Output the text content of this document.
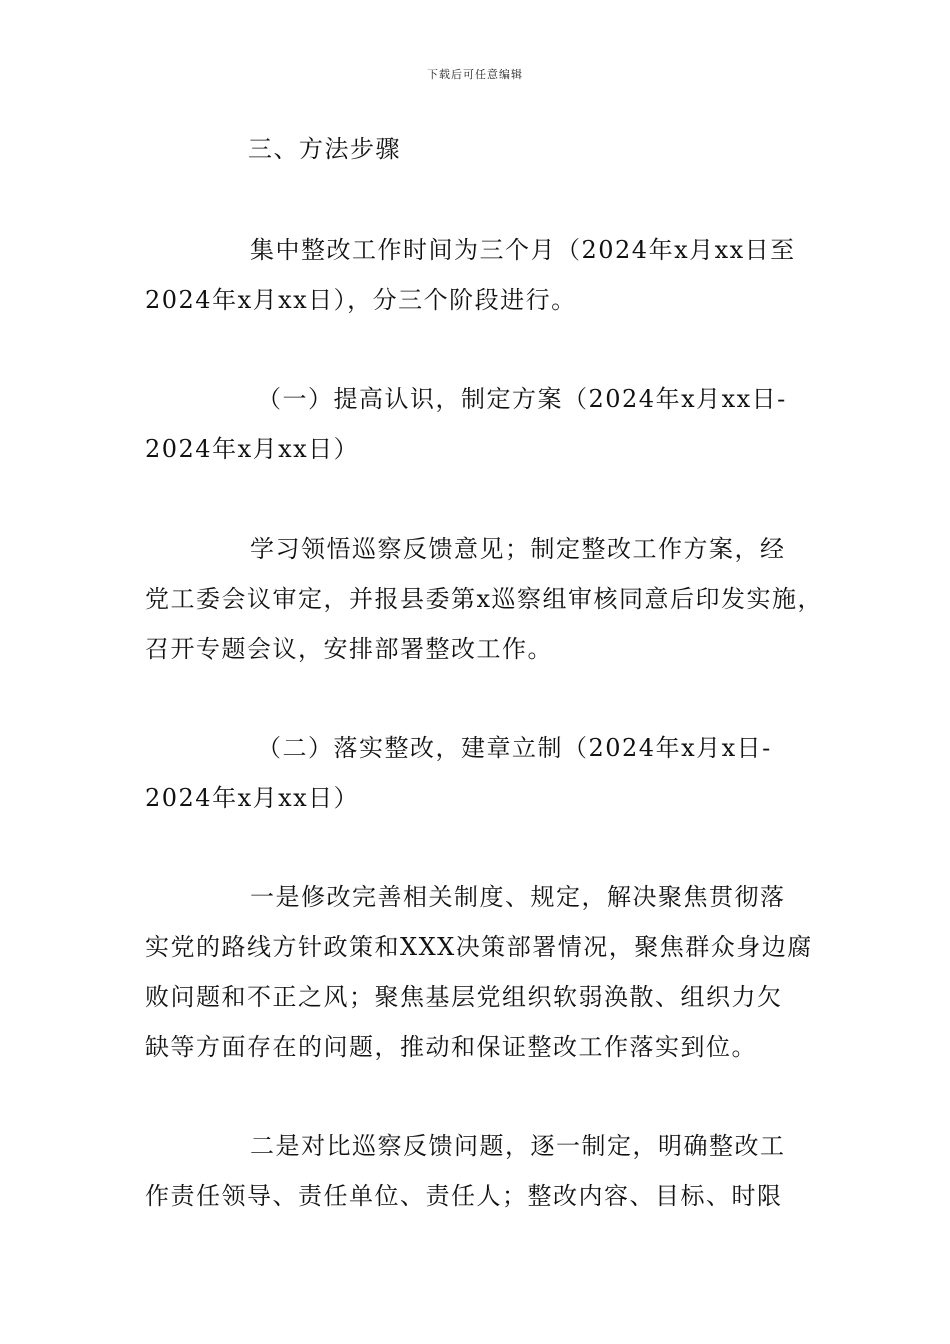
下载后可任意编辑
三、方法步骤
集中整改工作时间为三个月（2024年x月xx日至
2024年x月xx日），分三个阶段进行。
（一）提高认识，制定方案（2024年x月xx日-
2024年x月xx日）
学习领悟巡察反馈意见；制定整改工作方案，经
党工委会议审定，并报县委第x巡察组审核同意后印发实施，
召开专题会议，安排部署整改工作。
（二）落实整改，建章立制（2024年x月x日-
2024年x月xx日）
一是修改完善相关制度、规定，解决聚焦贯彻落
实党的路线方针政策和XXX决策部署情况，聚焦群众身边腐
败问题和不正之风；聚焦基层党组织软弱涣散、组织力欠
缺等方面存在的问题，推动和保证整改工作落实到位。
二是对比巡察反馈问题，逐一制定，明确整改工
作责任领导、责任单位、责任人；整改内容、目标、时限
